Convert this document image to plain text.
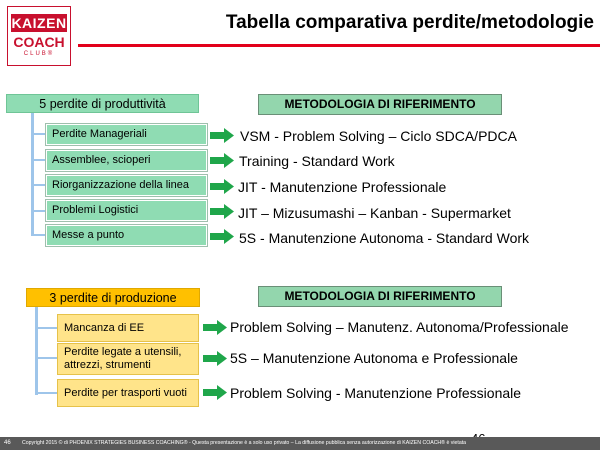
KAIZEN
COACH
CLUB®
Tabella comparativa perdite/metodologie
5 perdite di produttività	METODOLOGIA DI RIFERIMENTO
Perdite Manageriali
Assemblee, scioperi
Riorganizzazione della linea
Problemi Logistici
Messe a punto
VSM - Problem Solving – Ciclo SDCA/PDCA
Training - Standard Work
JIT - Manutenzione Professionale
JIT – Mizusumashi – Kanban - Supermarket
5S - Manutenzione Autonoma - Standard Work
3 perdite di produzione	METODOLOGIA DI RIFERIMENTO
Mancanza di EE
Perdite legate a utensili,
attrezzi, strumenti
Perdite per trasporti vuoti
Problem Solving – Manutenz. Autonoma/Professionale
5S – Manutenzione Autonoma e Professionale
Problem Solving - Manutenzione Professionale
46 Copyright 2015 © di PHOENIX STRATEGIES BUSINESS COACHING® - Questa presentazione è a solo uso privato – La diffusione pubblica senza autorizzazione di KAIZEN COACH® è vietata
